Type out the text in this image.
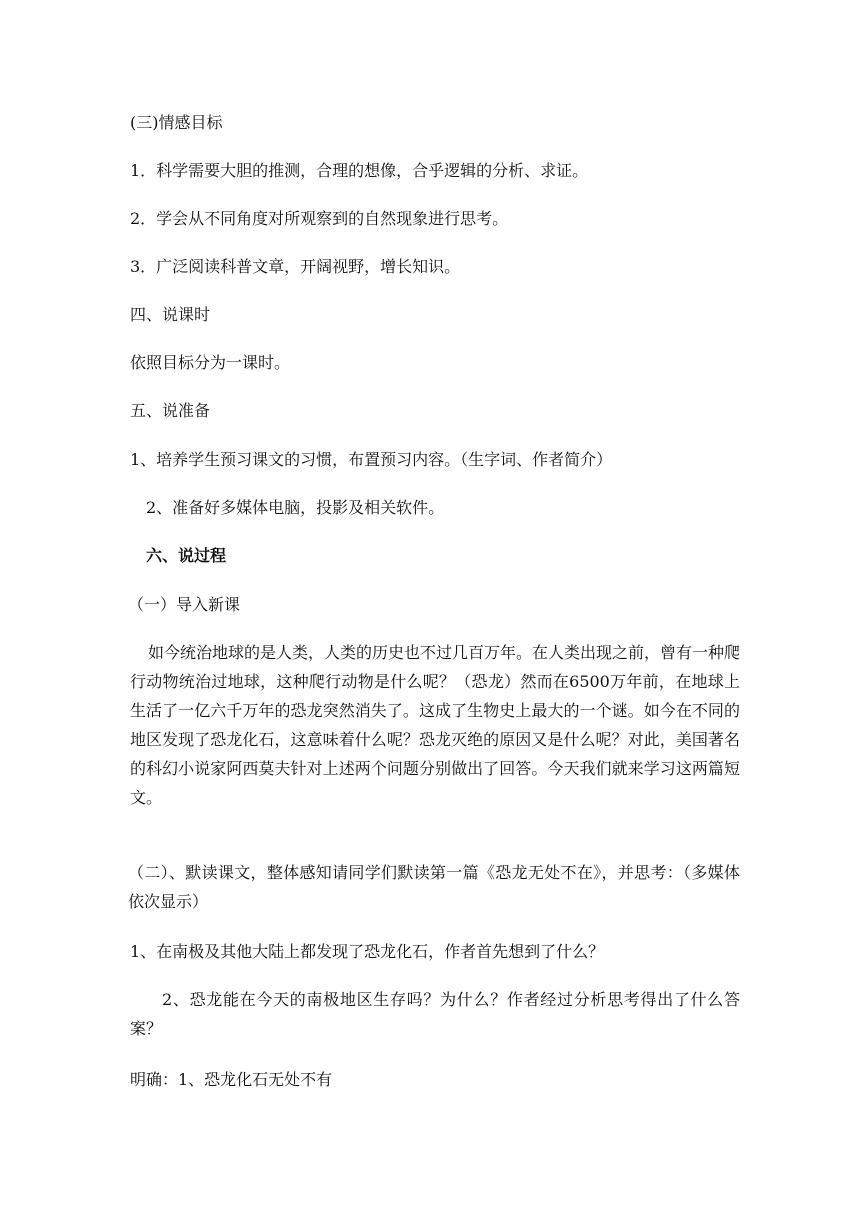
(三)情感目标
1．科学需要大胆的推测，合理的想像，合乎逻辑的分析、求证。
2．学会从不同角度对所观察到的自然现象进行思考。
3．广泛阅读科普文章，开阔视野，增长知识。
四、说课时
依照目标分为一课时。
五、说准备
1、培养学生预习课文的习惯，布置预习内容。（生字词、作者简介）
2、准备好多媒体电脑，投影及相关软件。
六、说过程
（一）导入新课
如今统治地球的是人类，人类的历史也不过几百万年。在人类出现之前，曾有一种爬行动物统治过地球，这种爬行动物是什么呢？（恐龙）然而在6500万年前，在地球上生活了一亿六千万年的恐龙突然消失了。这成了生物史上最大的一个谜。如今在不同的地区发现了恐龙化石，这意味着什么呢？恐龙灭绝的原因又是什么呢？对此，美国著名的科幻小说家阿西莫夫针对上述两个问题分别做出了回答。今天我们就来学习这两篇短文。
（二）、默读课文，整体感知请同学们默读第一篇《恐龙无处不在》，并思考：（多媒体依次显示）
1、在南极及其他大陆上都发现了恐龙化石，作者首先想到了什么？
2、恐龙能在今天的南极地区生存吗？为什么？作者经过分析思考得出了什么答案？
明确：1、恐龙化石无处不有
